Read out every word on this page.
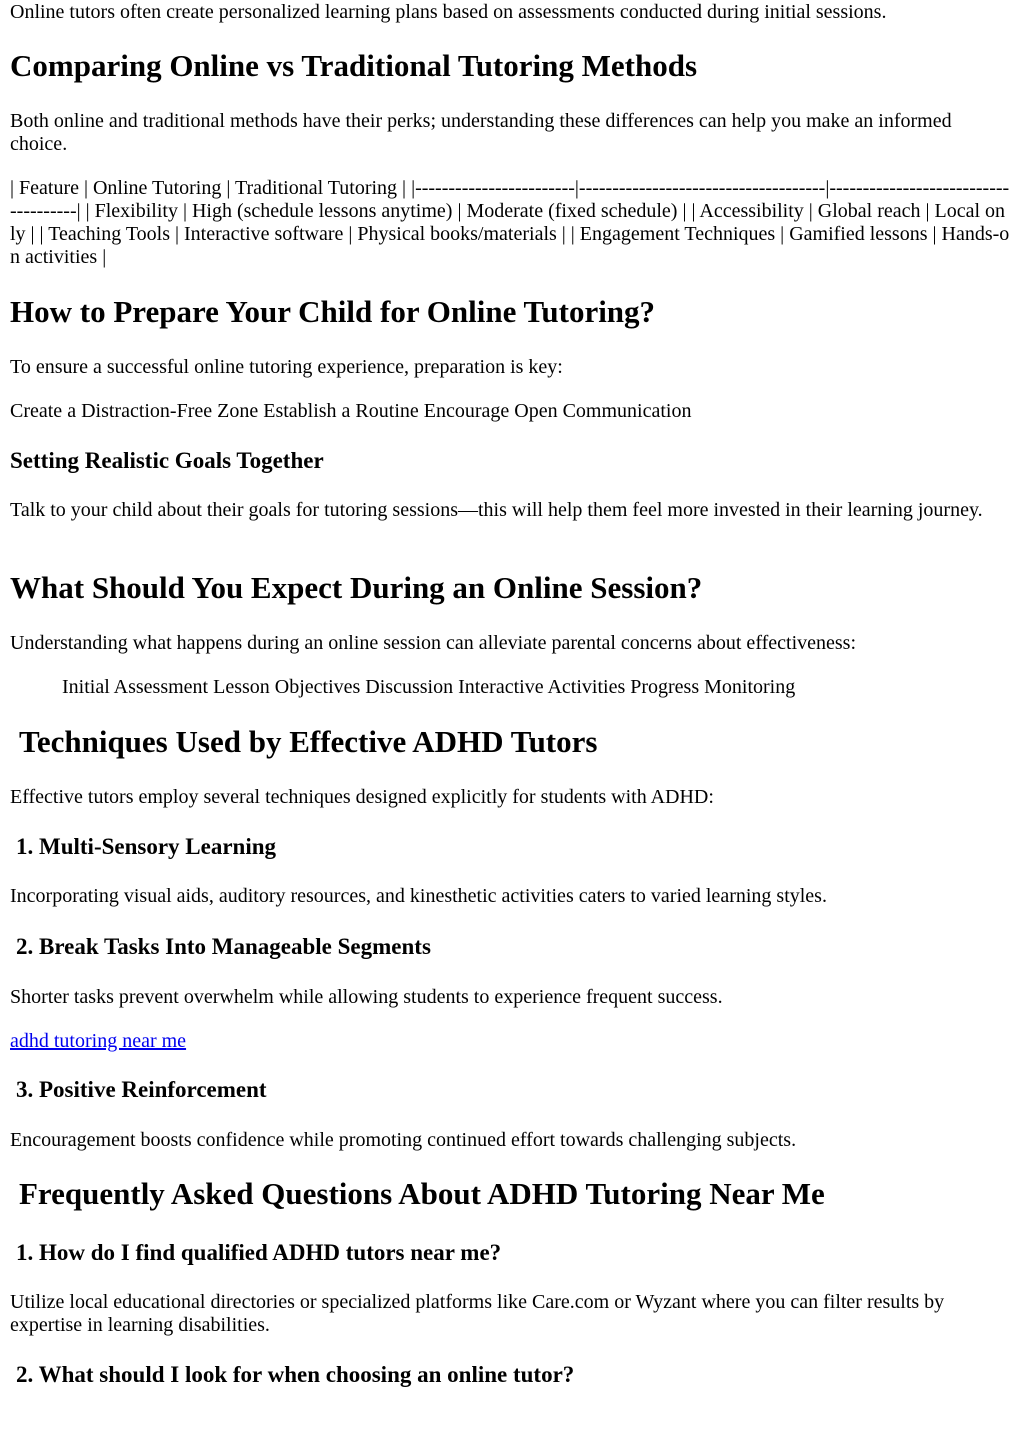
Online tutors often create personalized learning plans based on assessments conducted during initial sessions.

Comparing Online vs Traditional Tutoring Methods

Both online and traditional methods have their perks; understanding these differences can help you make an informed choice.

| Feature | Online Tutoring | Traditional Tutoring | |------------------------|-------------------------------------|-------------------------------------| | Flexibility | High (schedule lessons anytime) | Moderate (fixed schedule) | | Accessibility | Global reach | Local only | | Teaching Tools | Interactive software | Physical books/materials | | Engagement Techniques | Gamified lessons | Hands-on activities |

How to Prepare Your Child for Online Tutoring?

To ensure a successful online tutoring experience, preparation is key:

Create a Distraction-Free Zone Establish a Routine Encourage Open Communication

Setting Realistic Goals Together

Talk to your child about their goals for tutoring sessions—this will help them feel more invested in their learning journey.

What Should You Expect During an Online Session?

Understanding what happens during an online session can alleviate parental concerns about effectiveness:

Initial Assessment Lesson Objectives Discussion Interactive Activities Progress Monitoring

Techniques Used by Effective ADHD Tutors

Effective tutors employ several techniques designed explicitly for students with ADHD:

1. Multi-Sensory Learning

Incorporating visual aids, auditory resources, and kinesthetic activities caters to varied learning styles.

2. Break Tasks Into Manageable Segments

Shorter tasks prevent overwhelm while allowing students to experience frequent success.

adhd tutoring near me
3. Positive Reinforcement

Encouragement boosts confidence while promoting continued effort towards challenging subjects.

Frequently Asked Questions About ADHD Tutoring Near Me
1. How do I find qualified ADHD tutors near me?

Utilize local educational directories or specialized platforms like Care.com or Wyzant where you can filter results by expertise in learning disabilities.

2. What should I look for when choosing an online tutor?
